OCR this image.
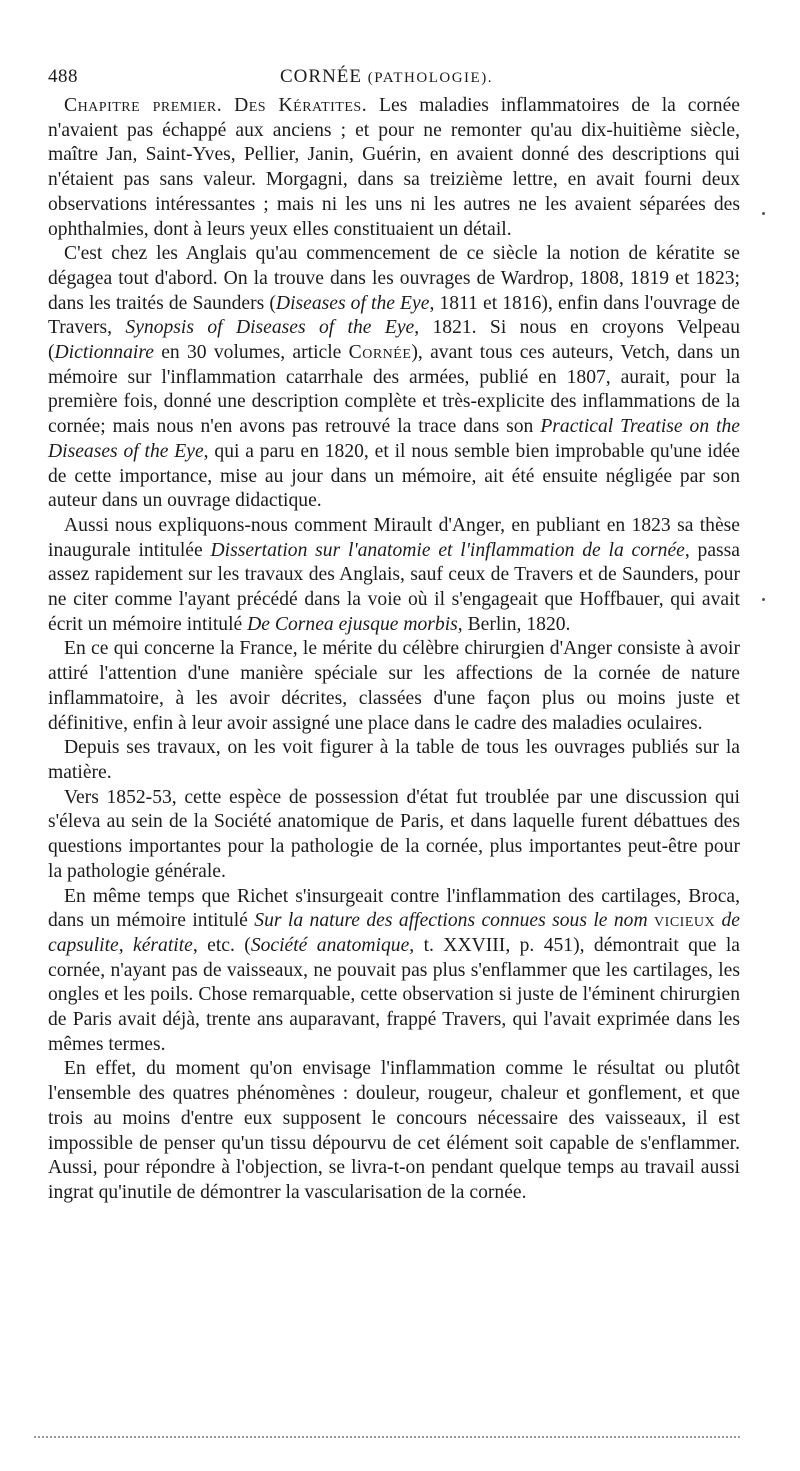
488	CORNÉE (PATHOLOGIE).

Chapitre premier. Des Kératites. Les maladies inflammatoires de la cornée n'avaient pas échappé aux anciens ; et pour ne remonter qu'au dix-huitième siècle, maître Jan, Saint-Yves, Pellier, Janin, Guérin, en avaient donné des descriptions qui n'étaient pas sans valeur. Morgagni, dans sa treizième lettre, en avait fourni deux observations intéressantes ; mais ni les uns ni les autres ne les avaient séparées des ophthalmies, dont à leurs yeux elles constituaient un détail.

C'est chez les Anglais qu'au commencement de ce siècle la notion de kératite se dégagea tout d'abord. On la trouve dans les ouvrages de Wardrop, 1808, 1819 et 1823; dans les traités de Saunders (Diseases of the Eye, 1811 et 1816), enfin dans l'ouvrage de Travers, Synopsis of Diseases of the Eye, 1821. Si nous en croyons Velpeau (Dictionnaire en 30 volumes, article Cornée), avant tous ces auteurs, Vetch, dans un mémoire sur l'inflammation catarrhale des armées, publié en 1807, aurait, pour la première fois, donné une description complète et très-explicite des inflammations de la cornée; mais nous n'en avons pas retrouvé la trace dans son Practical Treatise on the Diseases of the Eye, qui a paru en 1820, et il nous semble bien improbable qu'une idée de cette importance, mise au jour dans un mémoire, ait été ensuite négligée par son auteur dans un ouvrage didactique.

Aussi nous expliquons-nous comment Mirault d'Anger, en publiant en 1823 sa thèse inaugurale intitulée Dissertation sur l'anatomie et l'inflammation de la cornée, passa assez rapidement sur les travaux des Anglais, sauf ceux de Travers et de Saunders, pour ne citer comme l'ayant précédé dans la voie où il s'engageait que Hoffbauer, qui avait écrit un mémoire intitulé De Cornea ejusque morbis, Berlin, 1820.

En ce qui concerne la France, le mérite du célèbre chirurgien d'Anger consiste à avoir attiré l'attention d'une manière spéciale sur les affections de la cornée de nature inflammatoire, à les avoir décrites, classées d'une façon plus ou moins juste et définitive, enfin à leur avoir assigné une place dans le cadre des maladies oculaires.

Depuis ses travaux, on les voit figurer à la table de tous les ouvrages publiés sur la matière.

Vers 1852-53, cette espèce de possession d'état fut troublée par une discussion qui s'éleva au sein de la Société anatomique de Paris, et dans laquelle furent débattues des questions importantes pour la pathologie de la cornée, plus importantes peut-être pour la pathologie générale.

En même temps que Richet s'insurgeait contre l'inflammation des cartilages, Broca, dans un mémoire intitulé Sur la nature des affections connues sous le nom vicieux de capsulite, kératite, etc. (Société anatomique, t. XXVIII, p. 451), démontrait que la cornée, n'ayant pas de vaisseaux, ne pouvait pas plus s'enflammer que les cartilages, les ongles et les poils. Chose remarquable, cette observation si juste de l'éminent chirurgien de Paris avait déjà, trente ans auparavant, frappé Travers, qui l'avait exprimée dans les mêmes termes.

En effet, du moment qu'on envisage l'inflammation comme le résultat ou plutôt l'ensemble des quatres phénomènes : douleur, rougeur, chaleur et gonflement, et que trois au moins d'entre eux supposent le concours nécessaire des vaisseaux, il est impossible de penser qu'un tissu dépourvu de cet élément soit capable de s'enflammer. Aussi, pour répondre à l'objection, se livra-t-on pendant quelque temps au travail aussi ingrat qu'inutile de démontrer la vascularisation de la cornée.
